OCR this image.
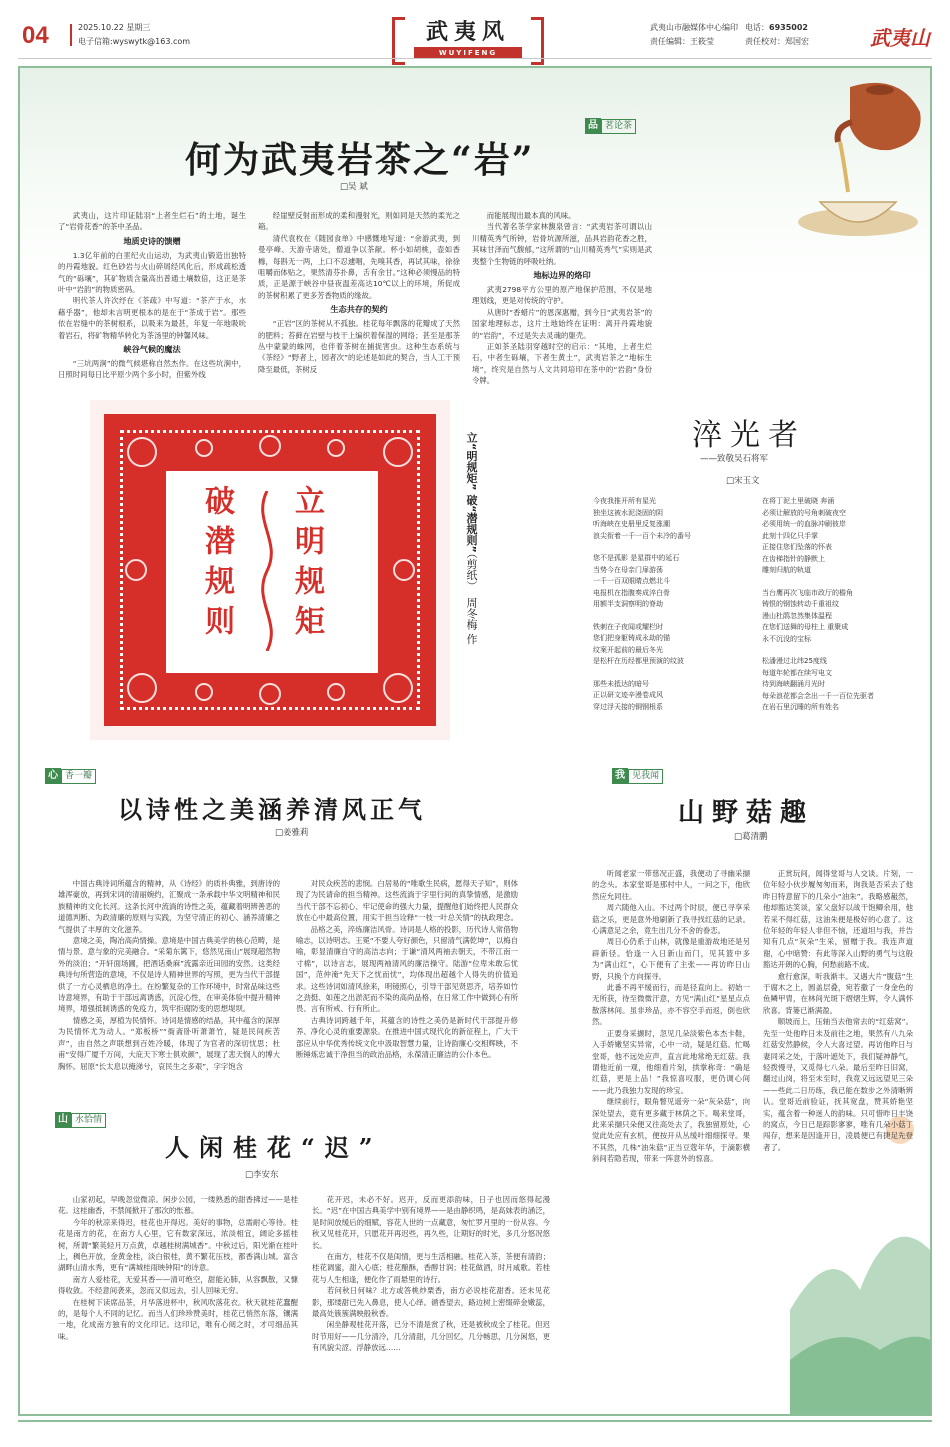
04	2025.10.22 星期三
电子信箱:wyswytk@163.com	武夷风
WUYIFENG
武夷山市融媒体中心编印 电话：6935002
责任编辑：王筱莹	责任校对：郑国宏	武夷山
品 茗论茶
何为武夷岩茶之“岩”
□吴 斌

武夷山，这片印证陆羽“上者生烂石”的土地，诞生了“岩骨花香”的茶中圣品。

地质史诗的馈赠

1.3亿年前的白垩纪火山运动，为武夷山锻造出独特的丹霞地貌。红色砂岩与火山碎屑经风化后，形成疏松透气的“砾壤”，其矿物质含量高出普通土壤数倍，这正是茶叶中“岩韵”的物质密码。

明代茶人许次纾在《茶疏》中写道：“茶产于水，水藉乎器”，他却未言明更根本的是在于“茶成于岩”。那些依在岩缝中的茶树根系，以吸来为最甚，年复一年地吸吮着岩石，将矿物精华转化为茶汤里的钟馨风味。

峡谷气候的魔法

“三坑两涧”的微气候堪称自然杰作。在这些坑涧中，日照时间每日比平原少两个多小时，但紫外线

经崖壁反射而形成的柔和漫射光，则如同是天然的柔光之箱。

清代袁枚在《随园食单》中感慨地写道：“余游武夷，到曼亭峰、天游寺诸处，僧道争以茶献。杯小如胡桃，壶如香橼，每斟无一两，上口不忍遽咽，先嗅其香，再试其味，徐徐咀嚼而体贴之，果然清芬扑鼻，舌有余甘。”这种必须慢品的特质，正是源于峡谷中昼夜温差高达10℃以上的环境，所促成的茶树积累了更多芳香物质的缘故。

生态共存的契约

“正岩”区的茶树从不孤独。桂花每年飘落的花瓣成了天然的肥料；苔藓在岩壁与枝干上编织着保湿的网络；甚至是那茶丛中蒙蒙的蛛网，也伴着茶树在捕捉害虫。这种生态系统与《茶经》“野者上，园者次”的论述是如此的契合，当人工干预降至最低，茶树反

而能展现出最本真的风味。

当代著名茶学家林馥泉曾言：“武夷岩茶可谓以山川精英秀气所钟，岩骨坑源所滋，品具岩韵花香之胜，其味甘泽而气馥郁，”这所谓的“山川精英秀气”实则是武夷整个生物链的呼吸吐纳。

地标边界的烙印

武夷2798平方公里的原产地保护范围，不仅是地理划线，更是对传统的守护。

从唐时“香蜡片”的恩深惠赠，到今日“武夷岩茶”的国家地理标志，这片土地始终在证明：离开丹霞地貌的“岩韵”，不过是失去灵魂的躯壳。

正如茶圣陆羽穿越时空的启示：“其地，上者生烂石，中者生砾壤，下者生黄土”，武夷岩茶之“地标生境”，终究是自然与人文共同培印在茶中的“岩韵”身份令牌。

立明规矩
破潜规则	立“明规矩” 破“潜规则”（剪纸）　周冬梅 作
淬光者
——致敬吴石将军
□宋玉文

今夜我推开所有星光

独坐这被水泥浇固的阴

听海峡在史册里反复涨潮

浪尖衔着一千一百个未冷的番号

您不是孤影 是星群中的延石

当势今在母亲门扉游荡

一千一百双眼睛点燃北斗

电报机在指腹奏成淬白骨

用额半支洞察明的脊劫

铁刺在子夜闻或耀栏时

您们把身躯铸成永劫的锚

纹案开起前的最后冬光

是松杆在历经都里预演的纹波

那些未抵达的暗号

正以研文迹辛漫卷成风

穿过浮天接的铜钢根系

在将丁泥土里破晓 奔涌

必须让解放的号角刺破夜空

必须用统一的血脉冲刷彼岸

此刻十四亿只手掌

正接住您们坠落的怀表

在齿梯指针的静默上

雕刻归航的轨道

当台鹰再次飞临市政厅的檐角

铸恨的钢蚀转动千重祖纹

漫山杜鹃忽然集体温程

在您们送舞的母柱上 重聚成

永不沉没的宝标

松潘漫过北纬25度线

每道年轮都在续写电文

待到海峡翻涌月光时

每朵浪花都会念出一千一百位先驱者

在岩石里沉睡的所有姓名

心 香一瓣
以诗性之美涵养清风正气
□姜雅莉

中国古典诗词所蕴含的精神，从《诗经》的质朴典雅，到唐诗的雄浑豪放，再到宋词的清丽婉约，汇聚成一条承载中华文明精神和民族精神的文化长河。这条长河中流淌的诗性之美，蕴藏着明辨善恶的道德判断、为政清廉的原则与实践，为坚守清正的初心、涵养清廉之气提供了丰厚的文化滋养。

意境之美，陶冶高尚情操。意境是中国古典美学的核心范畴，是情与景、意与象的完美融合。“采菊东篱下，悠然见南山”展现超然物外的淡泊；“开轩面场圃，把酒话桑麻”流露亲近田园的安然。这类经典诗句所营造的意境，不仅是诗人精神世界的写照，更为当代干部提供了一方心灵栖息的净土。在纷繁复杂的工作环境中，时常品味这些诗意境界，有助于干部远离诱惑，沉淀心性，在审美体验中提升精神境界，增强抵制诱惑的免疫力，筑牢拒腐防变的思想堤坝。

情感之美，厚植为民情怀。诗词是情感的结晶，其中蕴含的深厚为民情怀尤为动人。“郑板桥”“衙斋卧听萧萧竹，疑是民间疾苦声”，由自然之声联想到百姓冷暖，体现了为官者的深切忧思；杜甫“安得广厦千万间，大庇天下寒士俱欢颜”，展现了悲天悯人的博大胸怀。屈原“长太息以掩涕兮，哀民生之多艰”，字字饱含

对民众疾苦的悲悯。白居易的“唯歌生民病，愿得天子知”，则体现了为民请命的担当精神。这些流淌于字里行间的真挚情感，是激励当代干部不忘初心、牢记使命的强大力量，提醒他们始终把人民群众放在心中最高位置，用实干担当诠释“一枝一叶总关情”的执政理念。

品格之美，淬炼廉洁风骨。诗词是人格的投影，历代诗人常借物喻志，以诗明志。王冕“不要人夸好颜色，只留清气满乾坤”，以梅自喻，彰显清廉自守的高洁志向；于谦“清风两袖去朝天，不带江南一寸棉”，以诗言志，展现两袖清风的廉洁操守。陆游“位卑未敢忘忧国”，范仲淹“先天下之忧而忧”，均体现出超越个人得失的价值追求。这些诗词如清风徐来，明镜照心，引导干部见贤思齐，培养如竹之劲挺、如莲之出淤泥而不染的高尚品格，在日常工作中做到心有所畏、言有所戒、行有所止。

古典诗词跨越千年，其蕴含的诗性之美仍是新时代干部提升修养、净化心灵的重要源泉。在推进中国式现代化的新征程上，广大干部应从中华优秀传统文化中汲取智慧力量，让诗韵廉心交相辉映，不断锤炼忠诚干净担当的政治品格，永葆清正廉洁的公仆本色。

我 见我闻
山野菇趣
□葛清鹏

听闻老家一带慈况正盛，我便动了寻幽采撷的念头。本家堂哥是那村中人，一问之下，他欣然应允同往。

周六随他入山。不过两个时辰，便已寻享采菇之乐，更是意外地刷新了我寻找红菇的记录。心满意足之余，竟生出几分不舍的眷恋。

周日心仍系于山林，就像是重游故地还是另辟新径。恰逢一入日新山而门，见其篮中多为“满山红”，心下便有了主张——再访昨日山野，只换个方向探寻。

此番不再平缓而行，而是径直向上。初始一无所获，待至微微汗意，方见“满山红”星星点点散落林间。虽非珍品，亦不容空手而返，倒也欣然。

正要身采撷时，忽见几朵淡紫色本杰卡鞋，入手娇嫩坚实异常，心中一动，疑是红菇。忙喝堂哥，他不远处应声，直言此地常绝无红菇。我谓他近前一观，他细看片刻，拱掌称奇：“确是红菇，更是上品！”我惊喜叹服，更仍调心间——此乃我独力发现的珍宝。

继续前行，眼角瞥见遥旁一朵“灰朵菇”，向深处望去，竟有更多藏于林荫之下。喝来堂哥，此来采撷只朵便又往高处去了，我独留原处，心觉此处应有玄机，便按开从丛缓叶细细探寻。果不其然，几株“油朱菇”正当豆蔻年华，于滴影横斜间若隐若现，带来一阵意外的惊喜。

正赏玩间，闻得堂哥与人交谈。片刻，一位年轻小伙步履匆匆而来，询我是否采去了他昨日特意留下的几朵小“油朱”。我略感赧然，他却豁达笑谈，家父盘好以战干饱鲫余用，他若采不得红菇，这油朱便是极好的心意了。这位年轻的年轻人非但不恼，还道坦与我，并告知有几点“灰朵”生采，留赠于我。我连声道谢，心中暗赞：有此等深入山野的勇气与这般豁达开朗的心胸，何愁前路不成。

愈行愈深，听我渐丰。又遇大片“腹菇”生于腐木之上，圆盖层叠，宛若撒了一身金色的鱼鳞甲胄，在林间光斑下熠熠生辉，令人满怀欣喜。背篓已渐满盈。

顺坡而上，压轴当去他常去的“红菇窝”。先至一处他昨日未及前往之地，果然有八九朵红菇安然静候，令人大喜过望。再访他昨日与妻同采之处，于落叶遮处下，我们疑神静气，轻拨慢寻，又觅得七八朵。最后至昨日旧窝，翻过山岗，将至未至时，我竟又远远望见三朵——些此二日历练，我已能在数步之外清晰辨认。堂哥近前验证，抚其宽盘，赞其娇艳坚实，蕴含着一种迷人的韵味。只可惜昨日丰饶的窝点，今日已是踪影寥寥，唯有几朵小菇丁闯存，想来是因逢开日，凌晨便已有捷足先登者了。

山 水恰情
人闲桂花“迟”
□李安东

山家初起，早晚忽觉微凉。闲步公园，一缕熟悉的甜香拂过——是桂花。这桂幽香，不禁闻掀开了那次的怅慕。

今年的秋凉来得迟，桂花也开得迟。美好的事物，总需耐心等待。桂花是南方的花，在南方人心里，它有数家深远，浓淡相宜，阔论多摇桂树，所谓“繁英轻月万点黄，卓越桂树满城香”。中秋过后，阳光渐在桂叶上，稠色开放，金黄金桂，淡白银桂，黄不繁花压枝，都香满山城。富含湖畔山清水秀，更有“满城桂雨映钟阳”的诗意。

南方人爱桂花，无爱其香——清可绝空，甜能沁肺，从容飘散，又慷得收敛。不经意间袭来，忽而又似远去，引人回味无穷。

在桂树下读席品茶，月华落进杯中，秋风吹落花衣。秋天就桂花蠢醒的，是每个人不同的记忆。而当人们珍珍赞美时，桂花已悄然东落，镶满一地，化成南方独有的文化印记。这印记，唯有心阅之时，才可细品其味。

花开迟，未必不好。迟开，反而更添韵味，日子也因而悠得起漫长。“迟”在中国古典美学中别有境界——是由静织鸣，是高妹表的涵泛，是时间放缓后的细赋，容花人世的一点藏意，匆忙罗月里的一份从容。今秋又见桂花开，只愿花开再迟些，再久些，让期好的时光，多几分悠况悠长。

在南方，桂花不仅是闺情，更与生活相融。桂花入茶，茶便有清韵；桂花调蜜，甜入心底；桂花酿酥，香醇甘润；桂花做酒，时月咸歌。若桂花与人生相逢，便化作了雨悬里的诗行。

若问秋日何味？北方或答桃炒栗香，南方必说桂花甜香。还未见花影，那缕甜已先入鼻息，使人心绎。循香望去，路边树上密缀碎金嫩蕊，最高处簇簇满映般秋香。

闲坐静观桂花开落，已分不清是赏了秋，还是被秋成全了桂花。但迟时节用好——几分清冷，几分清甜，几分回忆，几分畅思，几分闲悠，更有风貌尖涩、浮静放远……
